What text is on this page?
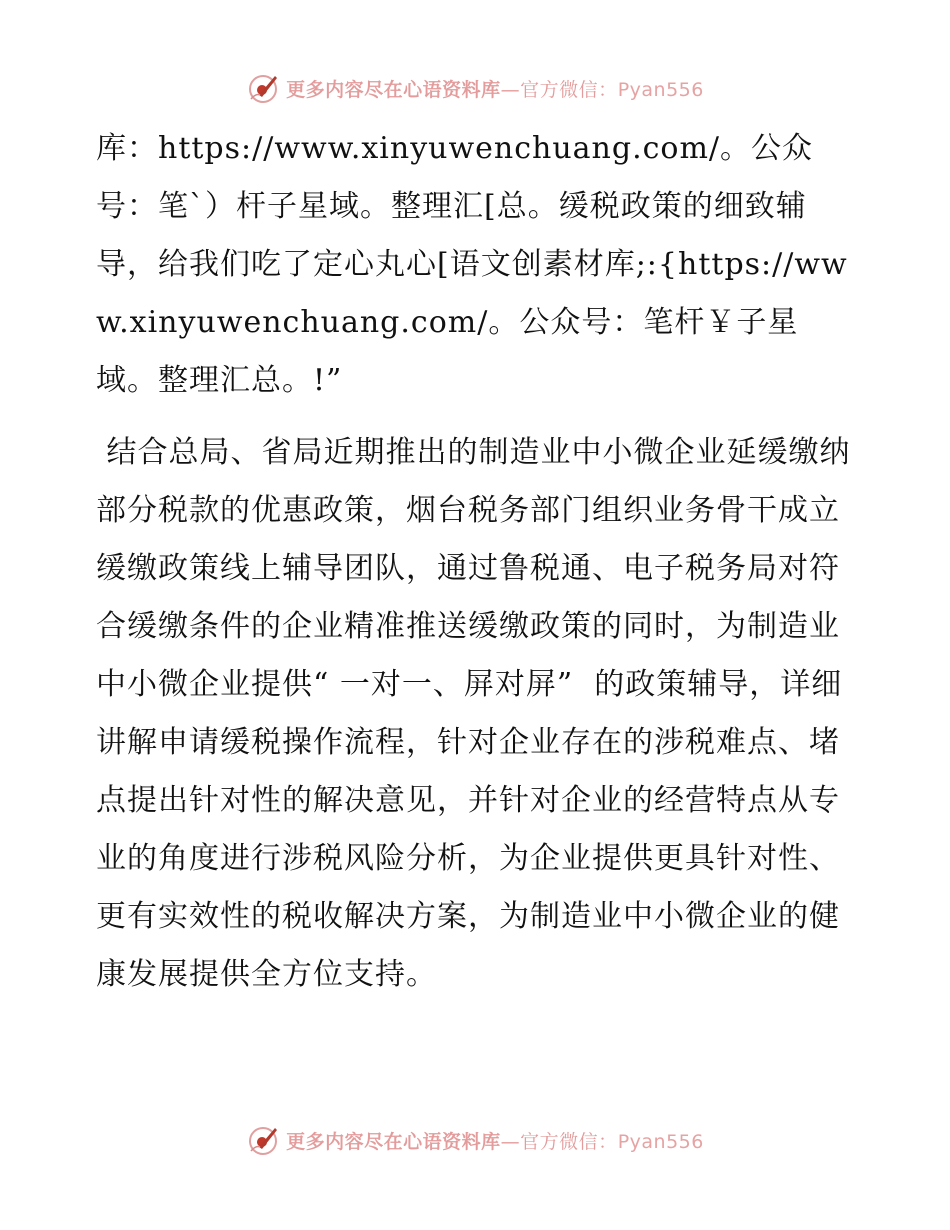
更多内容尽在心语资料库—官方微信：Pyan556

库：https://www.xinyuwenchuang.com/。公众号：笔`）杆子星域。整理汇[总。缓税政策的细致辅导，给我们吃了定心丸心[语文创素材库;:{https://www.xinyuwenchuang.com/。公众号：笔杆￥子星域。整理汇总。!”

结合总局、省局近期推出的制造业中小微企业延缓缴纳部分税款的优惠政策，烟台税务部门组织业务骨干成立缓缴政策线上辅导团队，通过鲁税通、电子税务局对符合缓缴条件的企业精准推送缓缴政策的同时，为制造业中小微企业提供“ 一对一、屏对屏”  的政策辅导，详细讲解申请缓税操作流程，针对企业存在的涉税难点、堵点提出针对性的解决意见，并针对企业的经营特点从专业的角度进行涉税风险分析，为企业提供更具针对性、更有实效性的税收解决方案，为制造业中小微企业的健康发展提供全方位支持。

更多内容尽在心语资料库—官方微信：Pyan556
